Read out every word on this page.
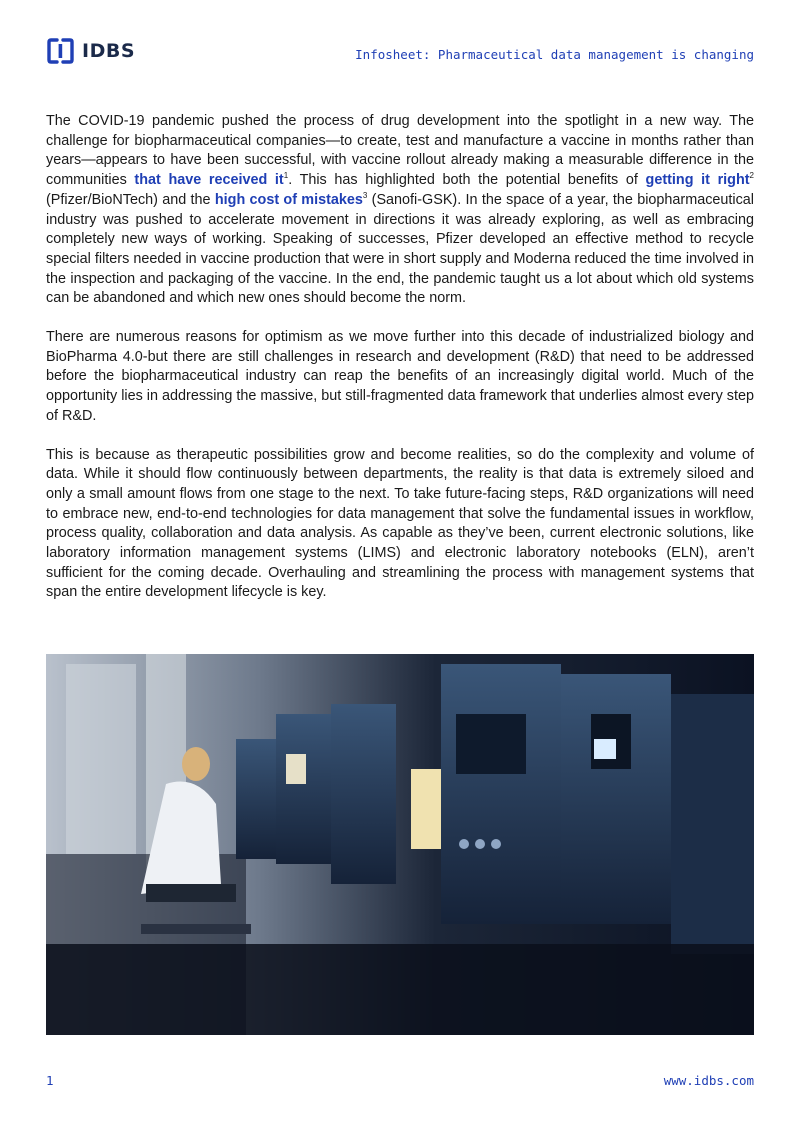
IDBS	Infosheet: Pharmaceutical data management is changing

The COVID-19 pandemic pushed the process of drug development into the spotlight in a new way. The challenge for biopharmaceutical companies—to create, test and manufacture a vaccine in months rather than years—appears to have been successful, with vaccine rollout already making a measurable difference in the communities that have received $it^1$. This has highlighted both the potential benefits of getting it right$^2$ (Pfizer/BioNTech) and the high cost of mistakes$^3$ (Sanofi-GSK). In the space of a year, the biopharmaceutical industry was pushed to accelerate movement in directions it was already exploring, as well as embracing completely new ways of working. Speaking of successes, Pfizer developed an effective method to recycle special filters needed in vaccine production that were in short supply and Moderna reduced the time involved in the inspection and packaging of the vaccine. In the end, the pandemic taught us a lot about which old systems can be abandoned and which new ones should become the norm.

There are numerous reasons for optimism as we move further into this decade of industrialized biology and BioPharma 4.0-but there are still challenges in research and development (R&D) that need to be addressed before the biopharmaceutical industry can reap the benefits of an increasingly digital world. Much of the opportunity lies in addressing the massive, but still-fragmented data framework that underlies almost every step of R&D.

This is because as therapeutic possibilities grow and become realities, so do the complexity and volume of data. While it should flow continuously between departments, the reality is that data is extremely siloed and only a small amount flows from one stage to the next. To take future-facing steps, R&D organizations will need to embrace new, end-to-end technologies for data management that solve the fundamental issues in workflow, process quality, collaboration and data analysis. As capable as they’ve been, current electronic solutions, like laboratory information management systems (LIMS) and electronic laboratory notebooks (ELN), aren’t sufficient for the coming decade. Overhauling and streamlining the process with management systems that span the entire development lifecycle is key.

1	www.idbs.com
